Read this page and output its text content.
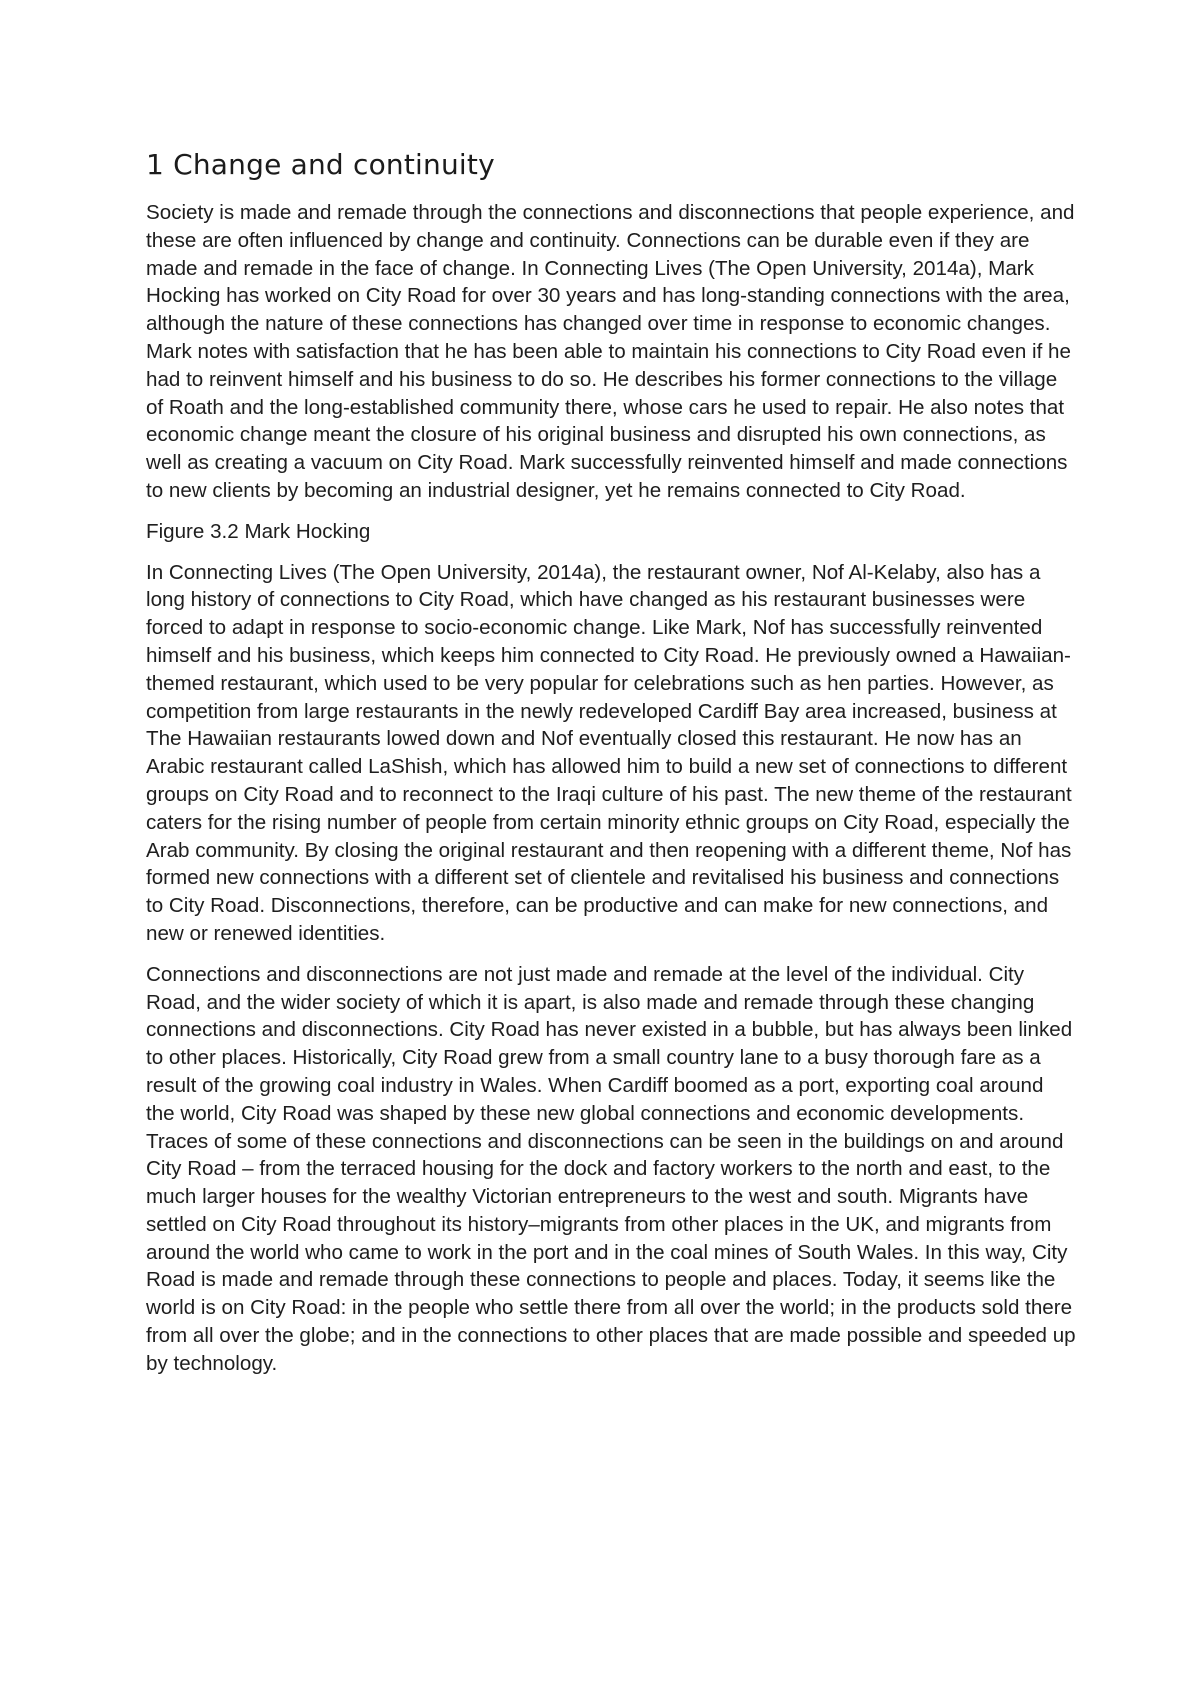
1 Change and continuity

Society is made and remade through the connections and disconnections that people experience, and these are often influenced by change and continuity. Connections can be durable even if they are made and remade in the face of change. In Connecting Lives (The Open University, 2014a), Mark Hocking has worked on City Road for over 30 years and has long-standing connections with the area, although the nature of these connections has changed over time in response to economic changes. Mark notes with satisfaction that he has been able to maintain his connections to City Road even if he had to reinvent himself and his business to do so. He describes his former connections to the village of Roath and the long-established community there, whose cars he used to repair. He also notes that economic change meant the closure of his original business and disrupted his own connections, as well as creating a vacuum on City Road. Mark successfully reinvented himself and made connections to new clients by becoming an industrial designer, yet he remains connected to City Road.

Figure 3.2 Mark Hocking

In Connecting Lives (The Open University, 2014a), the restaurant owner, Nof Al-Kelaby, also has a long history of connections to City Road, which have changed as his restaurant businesses were forced to adapt in response to socio-economic change. Like Mark, Nof has successfully reinvented himself and his business, which keeps him connected to City Road. He previously owned a Hawaiian-themed restaurant, which used to be very popular for celebrations such as hen parties. However, as competition from large restaurants in the newly redeveloped Cardiff Bay area increased, business at The Hawaiian restaurants lowed down and Nof eventually closed this restaurant. He now has an Arabic restaurant called LaShish, which has allowed him to build a new set of connections to different groups on City Road and to reconnect to the Iraqi culture of his past. The new theme of the restaurant caters for the rising number of people from certain minority ethnic groups on City Road, especially the Arab community. By closing the original restaurant and then reopening with a different theme, Nof has formed new connections with a different set of clientele and revitalised his business and connections to City Road. Disconnections, therefore, can be productive and can make for new connections, and new or renewed identities.

Connections and disconnections are not just made and remade at the level of the individual. City Road, and the wider society of which it is apart, is also made and remade through these changing connections and disconnections. City Road has never existed in a bubble, but has always been linked to other places. Historically, City Road grew from a small country lane to a busy thorough fare as a result of the growing coal industry in Wales. When Cardiff boomed as a port, exporting coal around the world, City Road was shaped by these new global connections and economic developments. Traces of some of these connections and disconnections can be seen in the buildings on and around City Road – from the terraced housing for the dock and factory workers to the north and east, to the much larger houses for the wealthy Victorian entrepreneurs to the west and south. Migrants have settled on City Road throughout its history–migrants from other places in the UK, and migrants from around the world who came to work in the port and in the coal mines of South Wales. In this way, City Road is made and remade through these connections to people and places. Today, it seems like the world is on City Road: in the people who settle there from all over the world; in the products sold there from all over the globe; and in the connections to other places that are made possible and speeded up by technology.
